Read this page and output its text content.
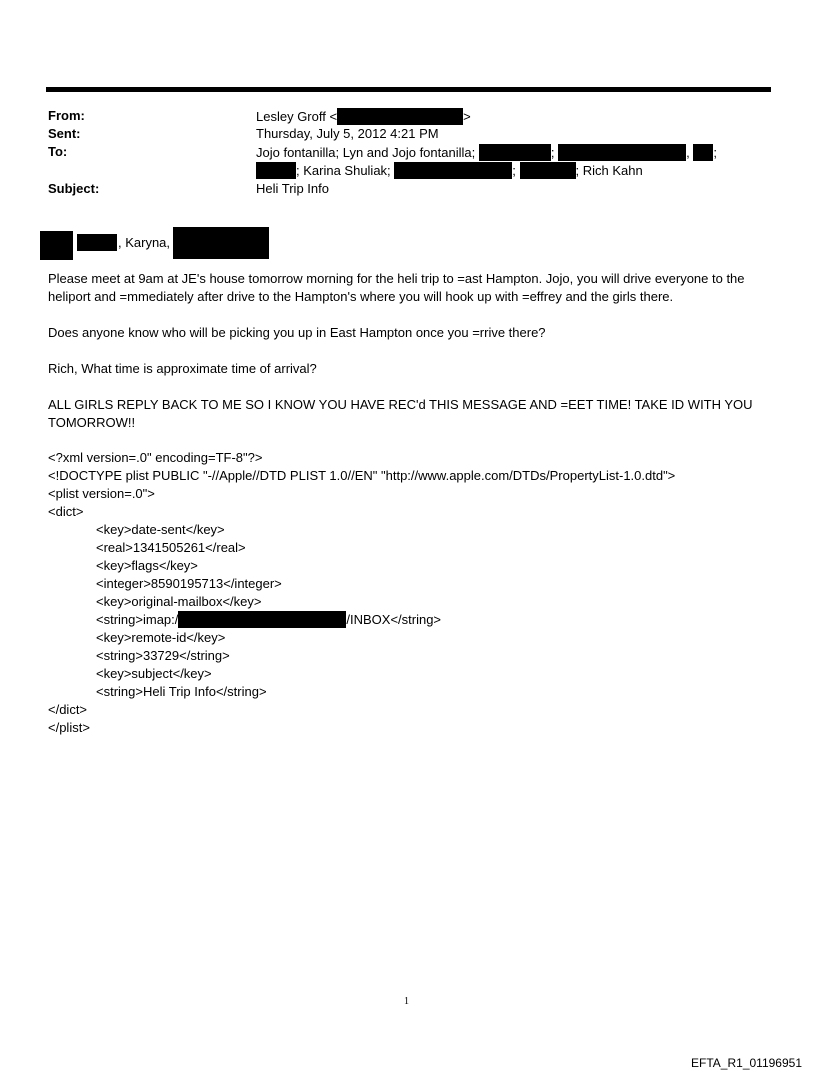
From:	Lesley Groff <	>
Sent:	Thursday, July 5, 2012 4:21 PM
To:	Jojo fontanilla; Lyn and Jojo fontanilla;	;	, ;
; Karina Shuliak;	;	; Rich Kahn
Subject:	Heli Trip Info
, Karyna,
Please meet at 9am at JE's house tomorrow morning for the heli trip to =ast Hampton. Jojo, you will drive everyone to the heliport and =mmediately after drive to the Hampton's where you will hook up with =effrey and the girls there.
Does anyone know who will be picking you up in East Hampton once you =rrive there?
Rich, What time is approximate time of arrival?
ALL GIRLS REPLY BACK TO ME SO I KNOW YOU HAVE REC'd THIS MESSAGE AND =EET TIME! TAKE ID WITH YOU TOMORROW!!
<?xml version=.0" encoding=TF-8"?>
<!DOCTYPE plist PUBLIC "-//Apple//DTD PLIST 1.0//EN" "http://www.apple.com/DTDs/PropertyList-1.0.dtd">
<plist version=.0">
<dict>
<key>date-sent</key>
<real>1341505261</real>
<key>flags</key>
<integer>8590195713</integer>
<key>original-mailbox</key>
<string>imap:/	/INBOX</string>
<key>remote-id</key>
<string>33729</string>
<key>subject</key>
<string>Heli Trip Info</string>
</dict>
</plist>
1
EFTA_R1_01196951
